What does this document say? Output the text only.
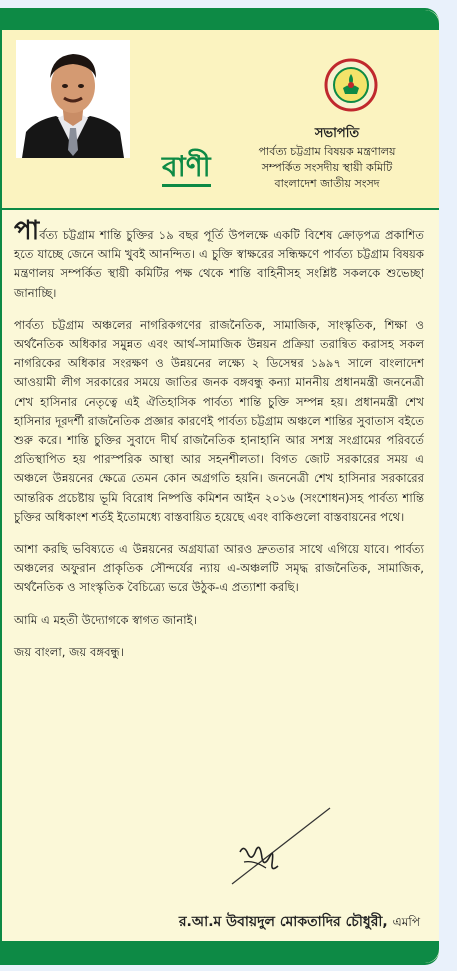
বাণী
সভাপতি
পার্বত্য চট্টগ্রাম বিষয়ক মন্ত্রণালয়
সম্পর্কিত সংসদীয় স্থায়ী কমিটি
বাংলাদেশ জাতীয় সংসদ

পার্বত্য চট্টগ্রাম শান্তি চুক্তির ১৯ বছর পূর্তি উপলক্ষে একটি বিশেষ ক্রোড়পত্র প্রকাশিত হতে যাচ্ছে জেনে আমি খুবই আনন্দিত। এ চুক্তি স্বাক্ষরের সন্ধিক্ষণে পার্বত্য চট্টগ্রাম বিষয়ক মন্ত্রণালয় সম্পর্কিত স্থায়ী কমিটির পক্ষ থেকে শান্তি বাহিনীসহ সংশ্লিষ্ট সকলকে শুভেচ্ছা জানাচ্ছি।

পার্বত্য চট্টগ্রাম অঞ্চলের নাগরিকগণের রাজনৈতিক, সামাজিক, সাংস্কৃতিক, শিক্ষা ও অর্থনৈতিক অধিকার সমুন্নত এবং আর্থ-সামাজিক উন্নয়ন প্রক্রিয়া তরান্বিত করাসহ সকল নাগরিকের অধিকার সংরক্ষণ ও উন্নয়নের লক্ষ্যে ২ ডিসেম্বর ১৯৯৭ সালে বাংলাদেশ আওয়ামী লীগ সরকারের সময়ে জাতির জনক বঙ্গবন্ধু কন্যা মাননীয় প্রধানমন্ত্রী জননেত্রী শেখ হাসিনার নেতৃত্বে এই ঐতিহাসিক পার্বত্য শান্তি চুক্তি সম্পন্ন হয়। প্রধানমন্ত্রী শেখ হাসিনার দূরদর্শী রাজনৈতিক প্রজ্ঞার কারণেই পার্বত্য চট্টগ্রাম অঞ্চলে শান্তির সুবাতাস বইতে শুরু করে। শান্তি চুক্তির সুবাদে দীর্ঘ রাজনৈতিক হানাহানি আর সশস্ত্র সংগ্রামের পরিবর্তে প্রতিস্থাপিত হয় পারস্পরিক আস্থা আর সহনশীলতা। বিগত জোট সরকারের সময় এ অঞ্চলে উন্নয়নের ক্ষেত্রে তেমন কোন অগ্রগতি হয়নি। জননেত্রী শেখ হাসিনার সরকারের আন্তরিক প্রচেষ্টায় ভূমি বিরোধ নিষ্পত্তি কমিশন আইন ২০১৬ (সংশোধন)সহ পার্বত্য শান্তি চুক্তির অধিকাংশ শর্তই ইতোমধ্যে বাস্তবায়িত হয়েছে এবং বাকিগুলো বাস্তবায়নের পথে।

আশা করছি ভবিষ্যতে এ উন্নয়নের অগ্রযাত্রা আরও দ্রুততার সাথে এগিয়ে যাবে। পার্বত্য অঞ্চলের অফুরান প্রাকৃতিক সৌন্দর্যের ন্যায় এ-অঞ্চলটি সমৃদ্ধ রাজনৈতিক, সামাজিক, অর্থনৈতিক ও সাংস্কৃতিক বৈচিত্র্যে ভরে উঠুক-এ প্রত্যাশা করছি।

আমি এ মহতী উদ্যোগকে স্বাগত জানাই।

জয় বাংলা, জয় বঙ্গবন্ধু।

র.আ.ম উবায়দুল মোকতাদির চৌধুরী, এমপি
